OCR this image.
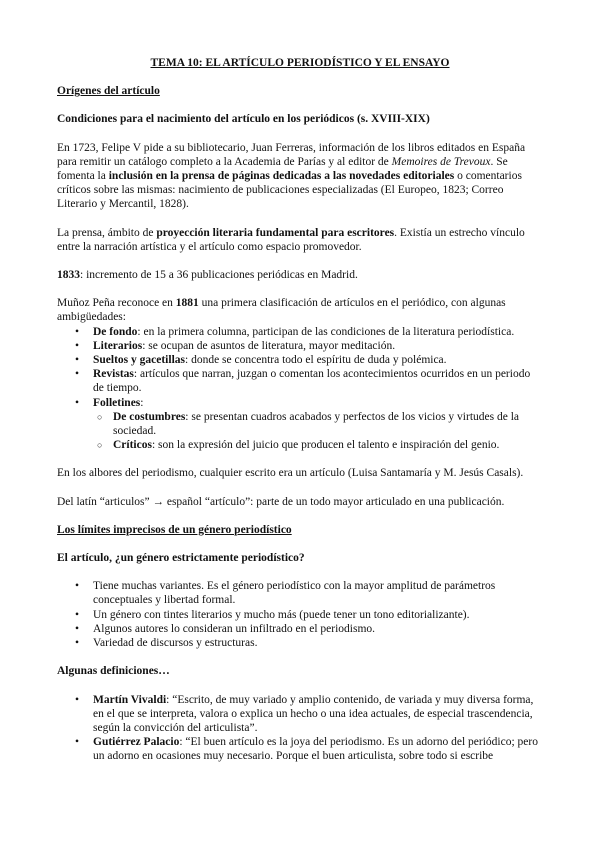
TEMA 10: EL ARTÍCULO PERIODÍSTICO Y EL ENSAYO

Orígenes del artículo

Condiciones para el nacimiento del artículo en los periódicos (s. XVIII-XIX)

En 1723, Felipe V pide a su bibliotecario, Juan Ferreras, información de los libros editados en España para remitir un catálogo completo a la Academia de Parías y al editor de Memoires de Trevoux. Se fomenta la inclusión en la prensa de páginas dedicadas a las novedades editoriales o comentarios críticos sobre las mismas: nacimiento de publicaciones especializadas (El Europeo, 1823; Correo Literario y Mercantil, 1828).

La prensa, ámbito de proyección literaria fundamental para escritores. Existía un estrecho vínculo entre la narración artística y el artículo como espacio promovedor.

1833: incremento de 15 a 36 publicaciones periódicas en Madrid.

Muñoz Peña reconoce en 1881 una primera clasificación de artículos en el periódico, con algunas ambigüedades:

• De fondo: en la primera columna, participan de las condiciones de la literatura periodística.
• Literarios: se ocupan de asuntos de literatura, mayor meditación.
• Sueltos y gacetillas: donde se concentra todo el espíritu de duda y polémica.
• Revistas: artículos que narran, juzgan o comentan los acontecimientos ocurridos en un periodo de tiempo.
• Folletines:
○ De costumbres: se presentan cuadros acabados y perfectos de los vicios y virtudes de la sociedad.
○ Críticos: son la expresión del juicio que producen el talento e inspiración del genio.

En los albores del periodismo, cualquier escrito era un artículo (Luisa Santamaría y M. Jesús Casals).

Del latín “articulos” → español “artículo”: parte de un todo mayor articulado en una publicación.

Los límites imprecisos de un género periodístico

El artículo, ¿un género estrictamente periodístico?

• Tiene muchas variantes. Es el género periodístico con la mayor amplitud de parámetros conceptuales y libertad formal.
• Un género con tintes literarios y mucho más (puede tener un tono editorializante).
• Algunos autores lo consideran un infiltrado en el periodismo.
• Variedad de discursos y estructuras.

Algunas definiciones…

• Martín Vivaldi: “Escrito, de muy variado y amplio contenido, de variada y muy diversa forma, en el que se interpreta, valora o explica un hecho o una idea actuales, de especial trascendencia, según la convicción del articulista”.
• Gutiérrez Palacio: “El buen artículo es la joya del periodismo. Es un adorno del periódico; pero un adorno en ocasiones muy necesario. Porque el buen articulista, sobre todo si escribe
